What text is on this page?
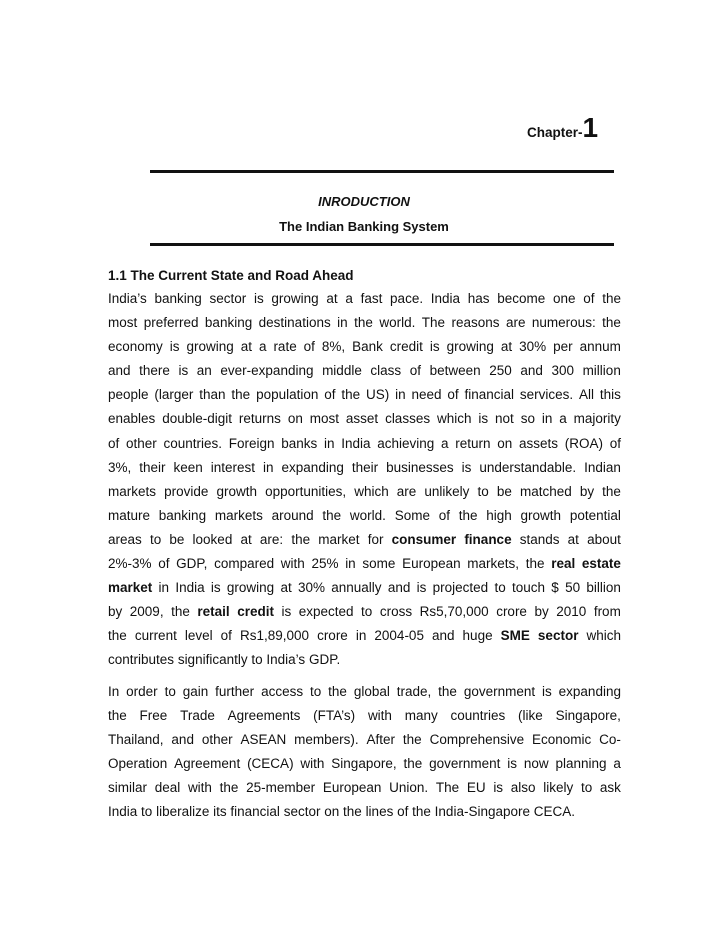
Chapter-1
INRODUCTION
The Indian Banking System
1.1 The Current State and Road Ahead
India’s banking sector is growing at a fast pace. India has become one of the
most preferred banking destinations in the world. The reasons are numerous: the
economy is growing at a rate of 8%, Bank credit is growing at 30% per annum
and there is an ever-expanding middle class of between 250 and 300 million
people (larger than the population of the US) in need of financial services. All this
enables double-digit returns on most asset classes which is not so in a majority
of other countries. Foreign banks in India achieving a return on assets (ROA) of
3%, their keen interest in expanding their businesses is understandable. Indian
markets provide growth opportunities, which are unlikely to be matched by the
mature banking markets around the world. Some of the high growth potential
areas to be looked at are: the market for consumer finance stands at about
2%-3% of GDP, compared with 25% in some European markets, the real estate
market in India is growing at 30% annually and is projected to touch $ 50 billion
by 2009, the retail credit is expected to cross Rs5,70,000 crore by 2010 from
the current level of Rs1,89,000 crore in 2004-05 and huge SME sector which
contributes significantly to India’s GDP.
In order to gain further access to the global trade, the government is expanding
the Free Trade Agreements (FTA’s) with many countries (like Singapore,
Thailand, and other ASEAN members). After the Comprehensive Economic Co-
Operation Agreement (CECA) with Singapore, the government is now planning a
similar deal with the 25-member European Union. The EU is also likely to ask
India to liberalize its financial sector on the lines of the India-Singapore CECA.
